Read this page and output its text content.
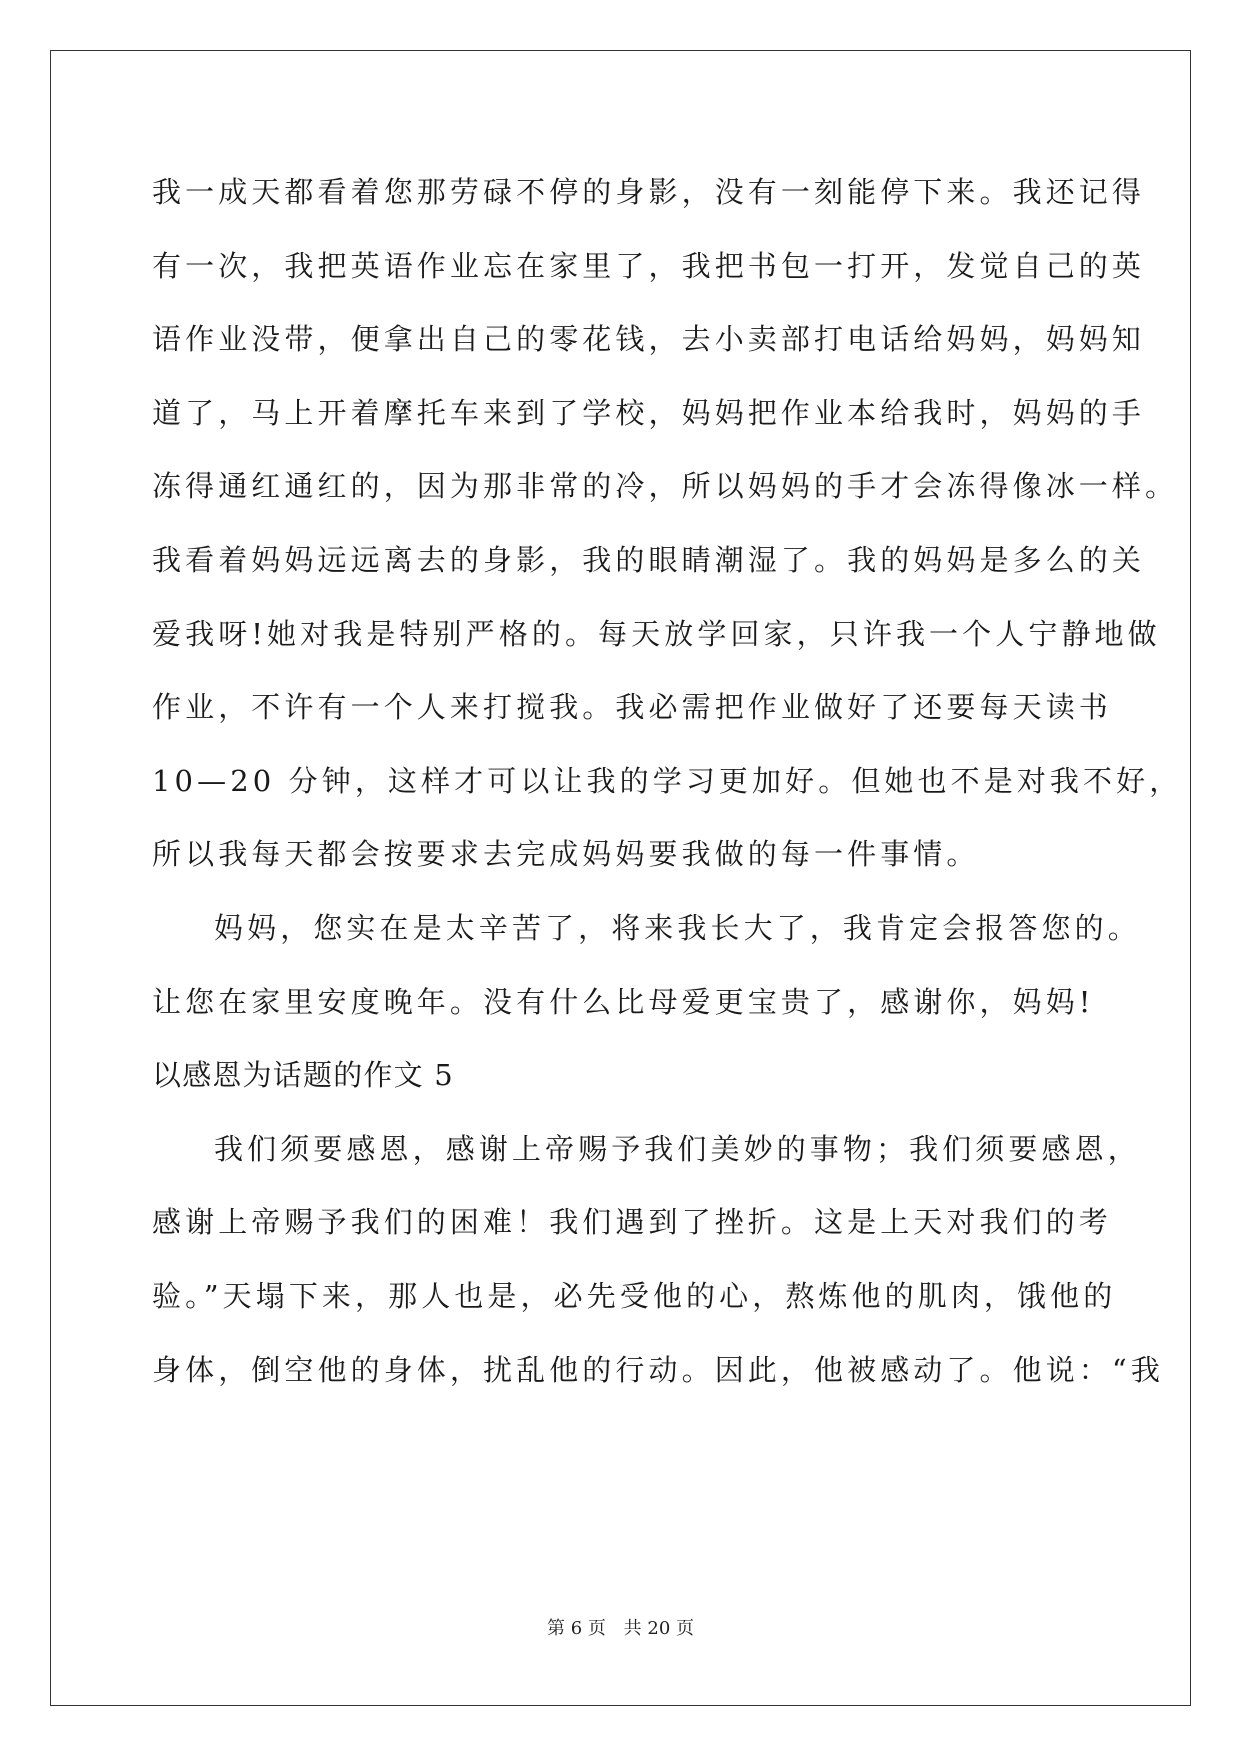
我一成天都看着您那劳碌不停的身影，没有一刻能停下来。我还记得
有一次，我把英语作业忘在家里了，我把书包一打开，发觉自己的英
语作业没带，便拿出自己的零花钱，去小卖部打电话给妈妈，妈妈知
道了，马上开着摩托车来到了学校，妈妈把作业本给我时，妈妈的手
冻得通红通红的，因为那非常的冷，所以妈妈的手才会冻得像冰一样。
我看着妈妈远远离去的身影，我的眼睛潮湿了。我的妈妈是多么的关
爱我呀!她对我是特别严格的。每天放学回家，只许我一个人宁静地做
作业，不许有一个人来打搅我。我必需把作业做好了还要每天读书
10—20 分钟，这样才可以让我的学习更加好。但她也不是对我不好，
所以我每天都会按要求去完成妈妈要我做的每一件事情。
妈妈，您实在是太辛苦了，将来我长大了，我肯定会报答您的。
让您在家里安度晚年。没有什么比母爱更宝贵了，感谢你，妈妈!
以感恩为话题的作文 5
我们须要感恩，感谢上帝赐予我们美妙的事物；我们须要感恩，
感谢上帝赐予我们的困难！我们遇到了挫折。这是上天对我们的考
验。”天塌下来，那人也是，必先受他的心，熬炼他的肌肉，饿他的
身体，倒空他的身体，扰乱他的行动。因此，他被感动了。他说：“我
第 6 页 共 20 页
